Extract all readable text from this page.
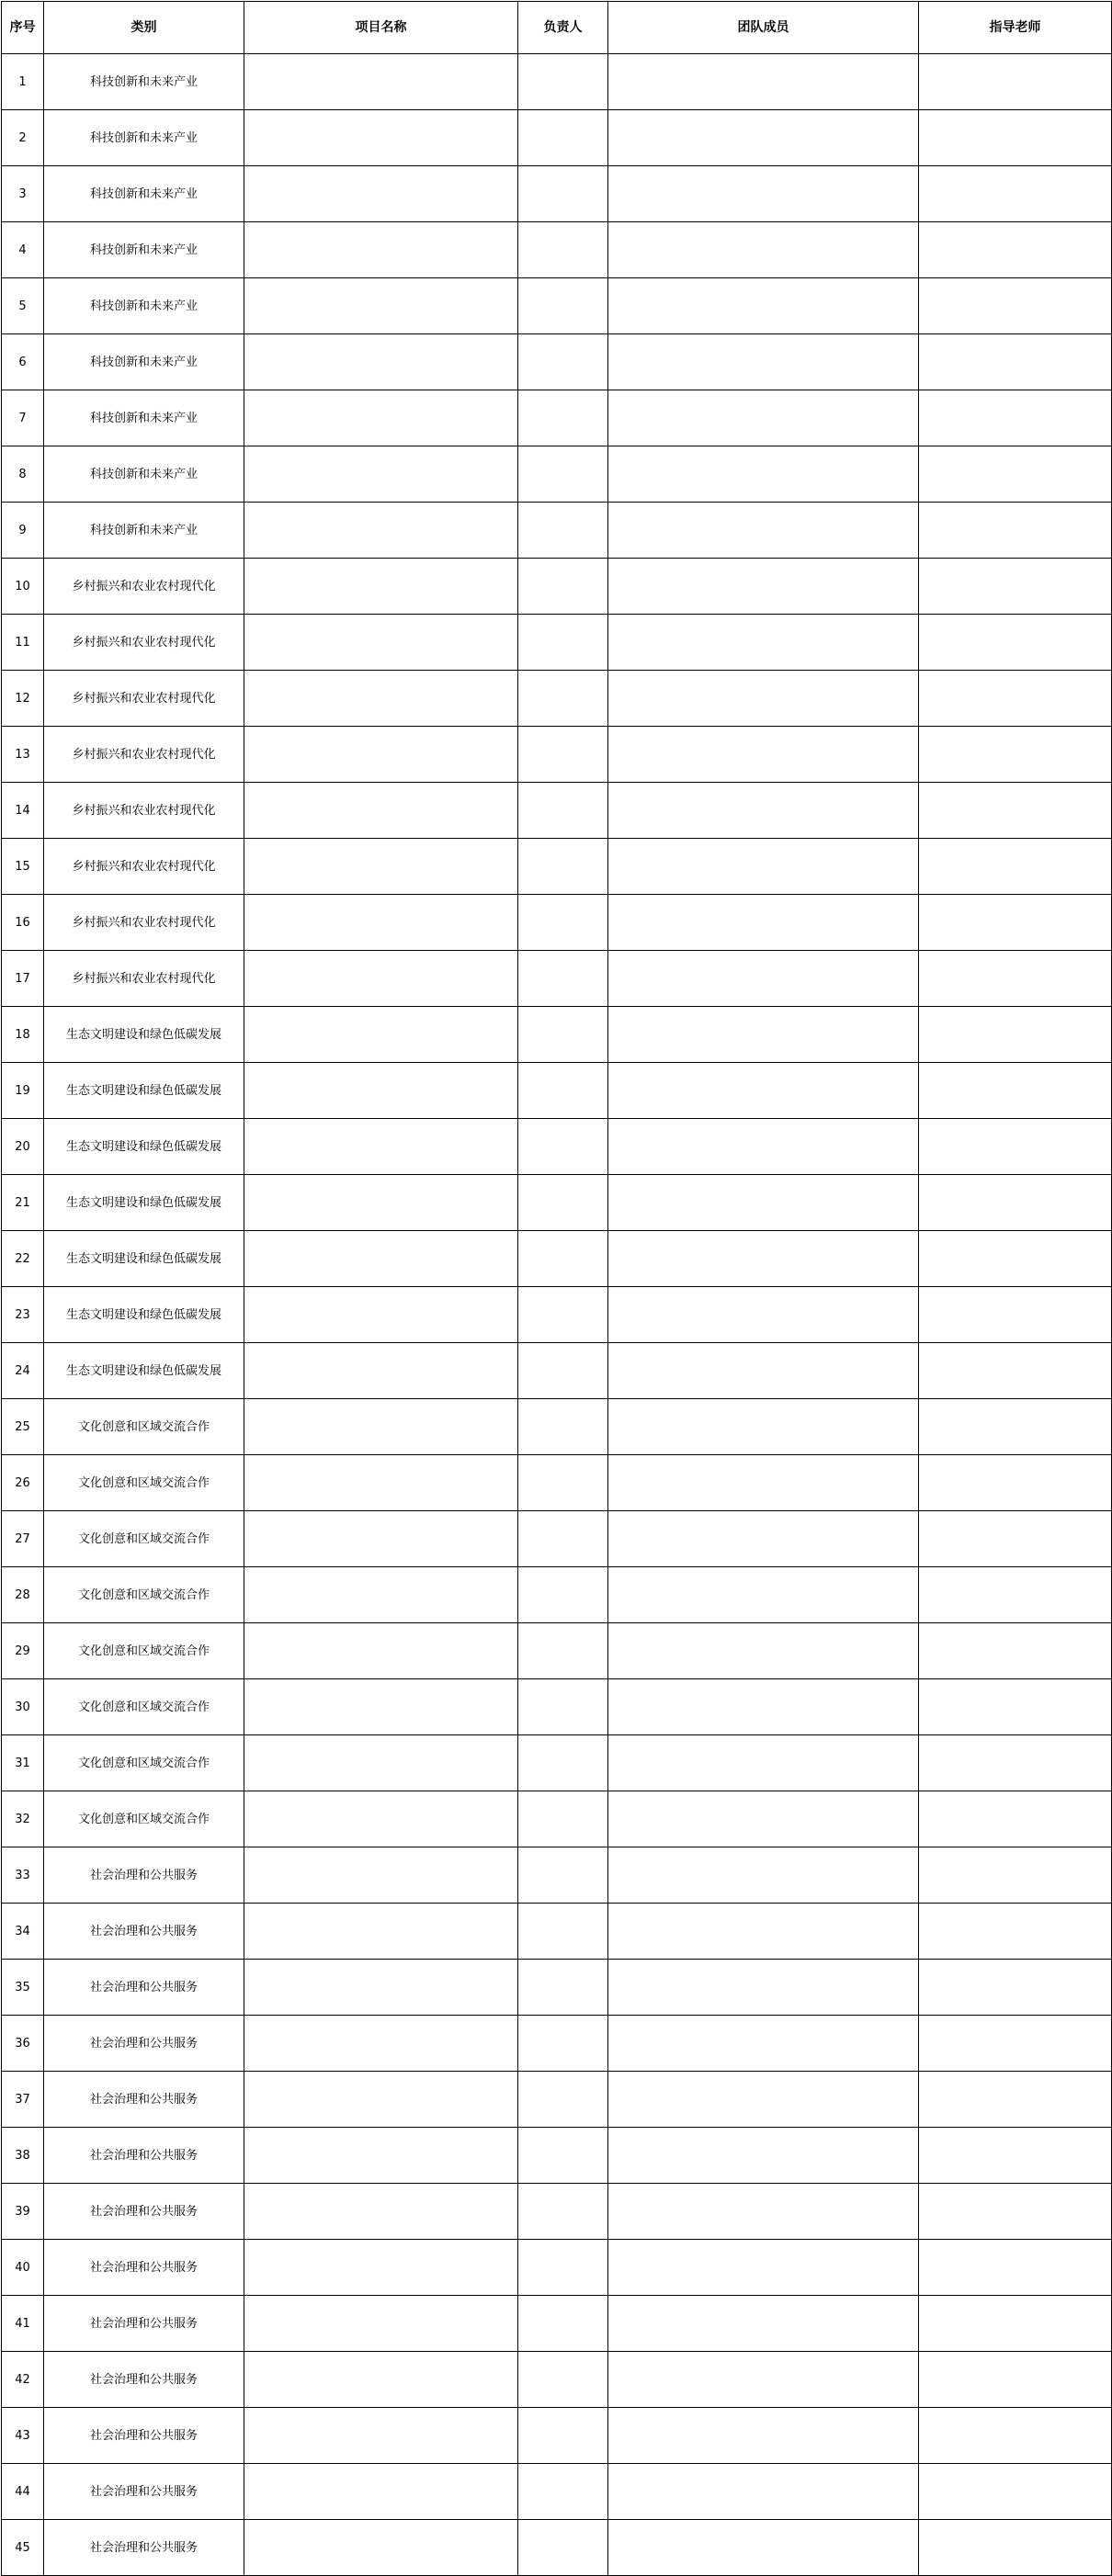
序号	类别	项目名称	负责人	团队成员	指导老师
1	科技创新和未来产业				
2	科技创新和未来产业				
3	科技创新和未来产业				
4	科技创新和未来产业				
5	科技创新和未来产业				
6	科技创新和未来产业				
7	科技创新和未来产业				
8	科技创新和未来产业				
9	科技创新和未来产业				
10	乡村振兴和农业农村现代化				
11	乡村振兴和农业农村现代化				
12	乡村振兴和农业农村现代化				
13	乡村振兴和农业农村现代化				
14	乡村振兴和农业农村现代化				
15	乡村振兴和农业农村现代化				
16	乡村振兴和农业农村现代化				
17	乡村振兴和农业农村现代化				
18	生态文明建设和绿色低碳发展				
19	生态文明建设和绿色低碳发展				
20	生态文明建设和绿色低碳发展				
21	生态文明建设和绿色低碳发展				
22	生态文明建设和绿色低碳发展				
23	生态文明建设和绿色低碳发展				
24	生态文明建设和绿色低碳发展				
25	文化创意和区域交流合作				
26	文化创意和区域交流合作				
27	文化创意和区域交流合作				
28	文化创意和区域交流合作				
29	文化创意和区域交流合作				
30	文化创意和区域交流合作				
31	文化创意和区域交流合作				
32	文化创意和区域交流合作				
33	社会治理和公共服务				
34	社会治理和公共服务				
35	社会治理和公共服务				
36	社会治理和公共服务				
37	社会治理和公共服务				
38	社会治理和公共服务				
39	社会治理和公共服务				
40	社会治理和公共服务				
41	社会治理和公共服务				
42	社会治理和公共服务				
43	社会治理和公共服务				
44	社会治理和公共服务				
45	社会治理和公共服务				
